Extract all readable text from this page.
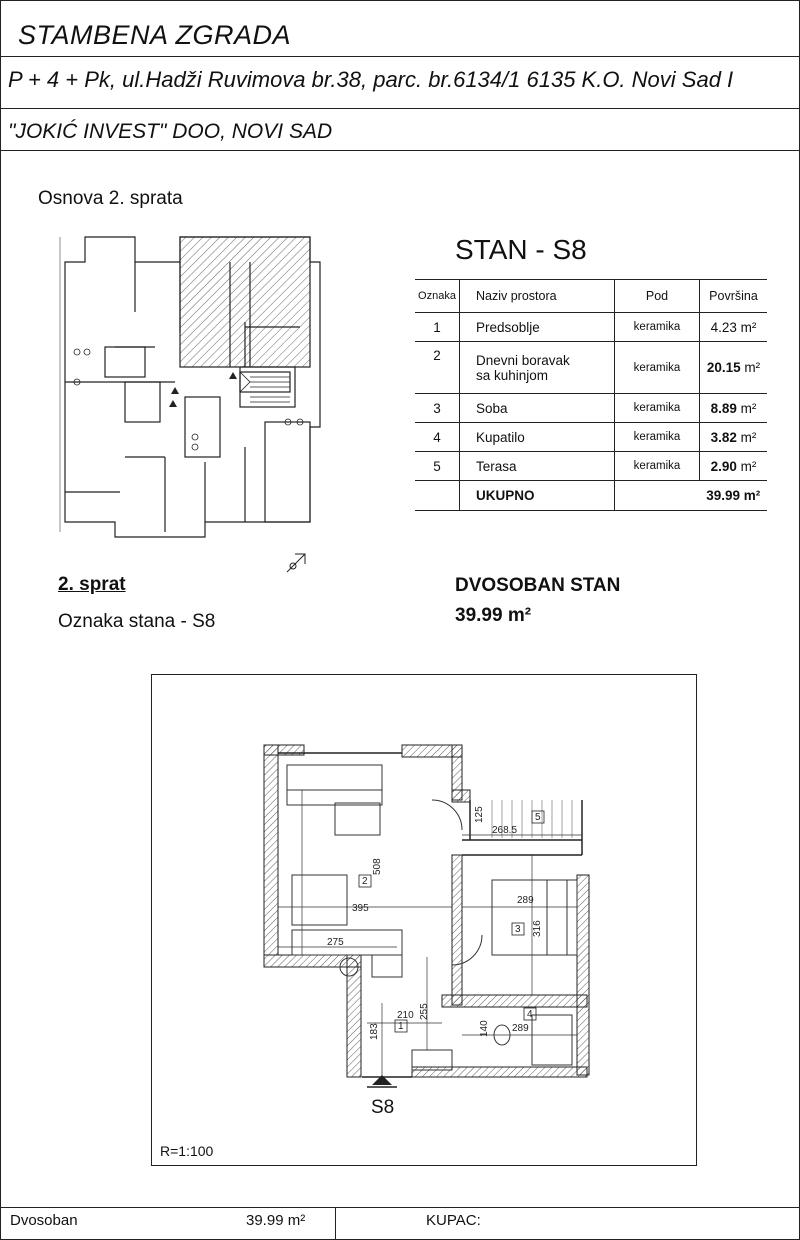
STAMBENA ZGRADA
P + 4 + Pk, ul.Hadži Ruvimova br.38, parc. br.6134/1 6135 K.O. Novi Sad I
"JOKIĆ INVEST" DOO, NOVI SAD
Osnova 2. sprata
STAN - S8
Oznaka	Naziv prostora	Pod	Površina
1	Predsoblje	keramika	4.23 m²
2	Dnevni boravak
sa kuhinjom	keramika	20.15 m²
3	Soba	keramika	8.89 m²
4	Kupatilo	keramika	3.82 m²
5	Terasa	keramika	2.90 m²
	UKUPNO		39.99 m²
2. sprat
Oznaka stana - S8
DVOSOBAN STAN
39.99 m²
508
395
275
210
183
255
125
268.5
289
316
140 289
2
3
1
4
5
S8
R=1:100
Dvosoban	39.99 m²	KUPAC:
